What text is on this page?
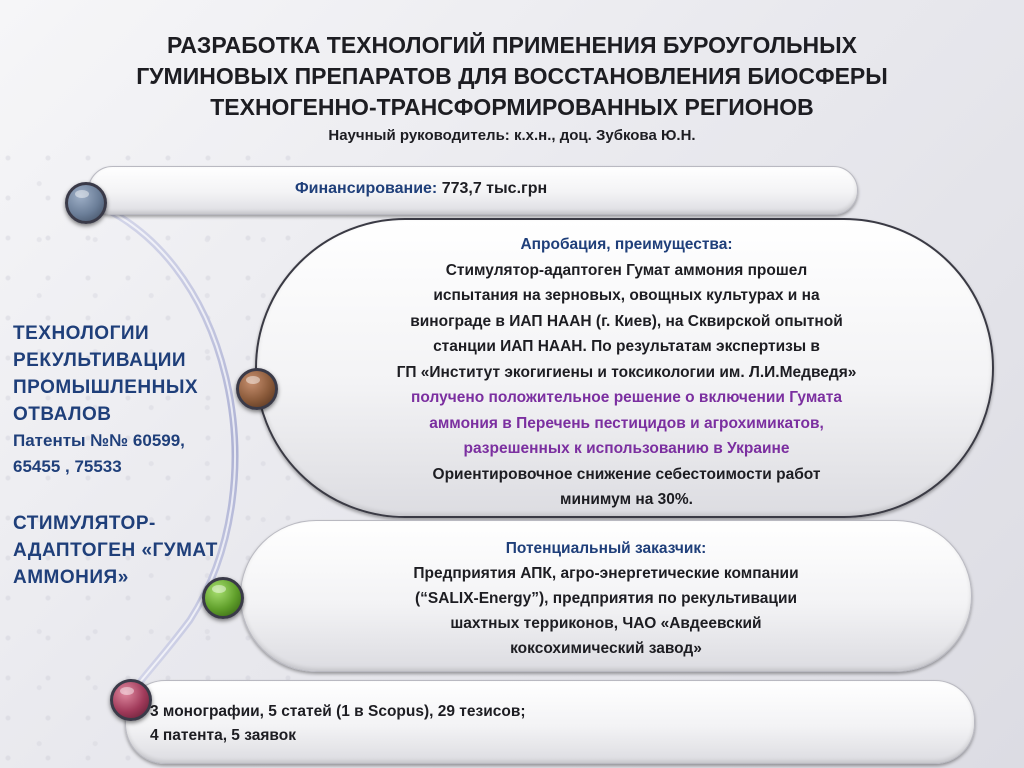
РАЗРАБОТКА ТЕХНОЛОГИЙ ПРИМЕНЕНИЯ БУРОУГОЛЬНЫХ
ГУМИНОВЫХ ПРЕПАРАТОВ ДЛЯ ВОССТАНОВЛЕНИЯ БИОСФЕРЫ
ТЕХНОГЕННО-ТРАНСФОРМИРОВАННЫХ РЕГИОНОВ
Научный руководитель: к.х.н., доц. Зубкова Ю.Н.
Финансирование: 773,7 тыс.грн
Апробация, преимущества:
Стимулятор-адаптоген Гумат аммония прошел
испытания на зерновых, овощных культурах и на
винограде в ИАП НААН (г. Киев), на Сквирской опытной
станции ИАП НААН. По результатам экспертизы в
ГП «Институт экогигиены и токсикологии им. Л.И.Медведя»
получено положительное решение о включении Гумата
аммония в Перечень пестицидов и агрохимикатов,
разрешенных к использованию в Украине
Ориентировочное снижение себестоимости работ
минимум на 30%.
Потенциальный заказчик:
Предприятия АПК, агро-энергетические компании
(“SALIX-Energy”), предприятия по рекультивации
шахтных терриконов, ЧАО «Авдеевский
коксохимический завод»
3 монографии, 5 статей (1 в Scopus), 29 тезисов;
4 патента, 5 заявок
ТЕХНОЛОГИИ
РЕКУЛЬТИВАЦИИ
ПРОМЫШЛЕННЫХ
ОТВАЛОВ
Патенты №№ 60599,
65455 , 75533
СТИМУЛЯТОР-
АДАПТОГЕН «ГУМАТ
АММОНИЯ»
